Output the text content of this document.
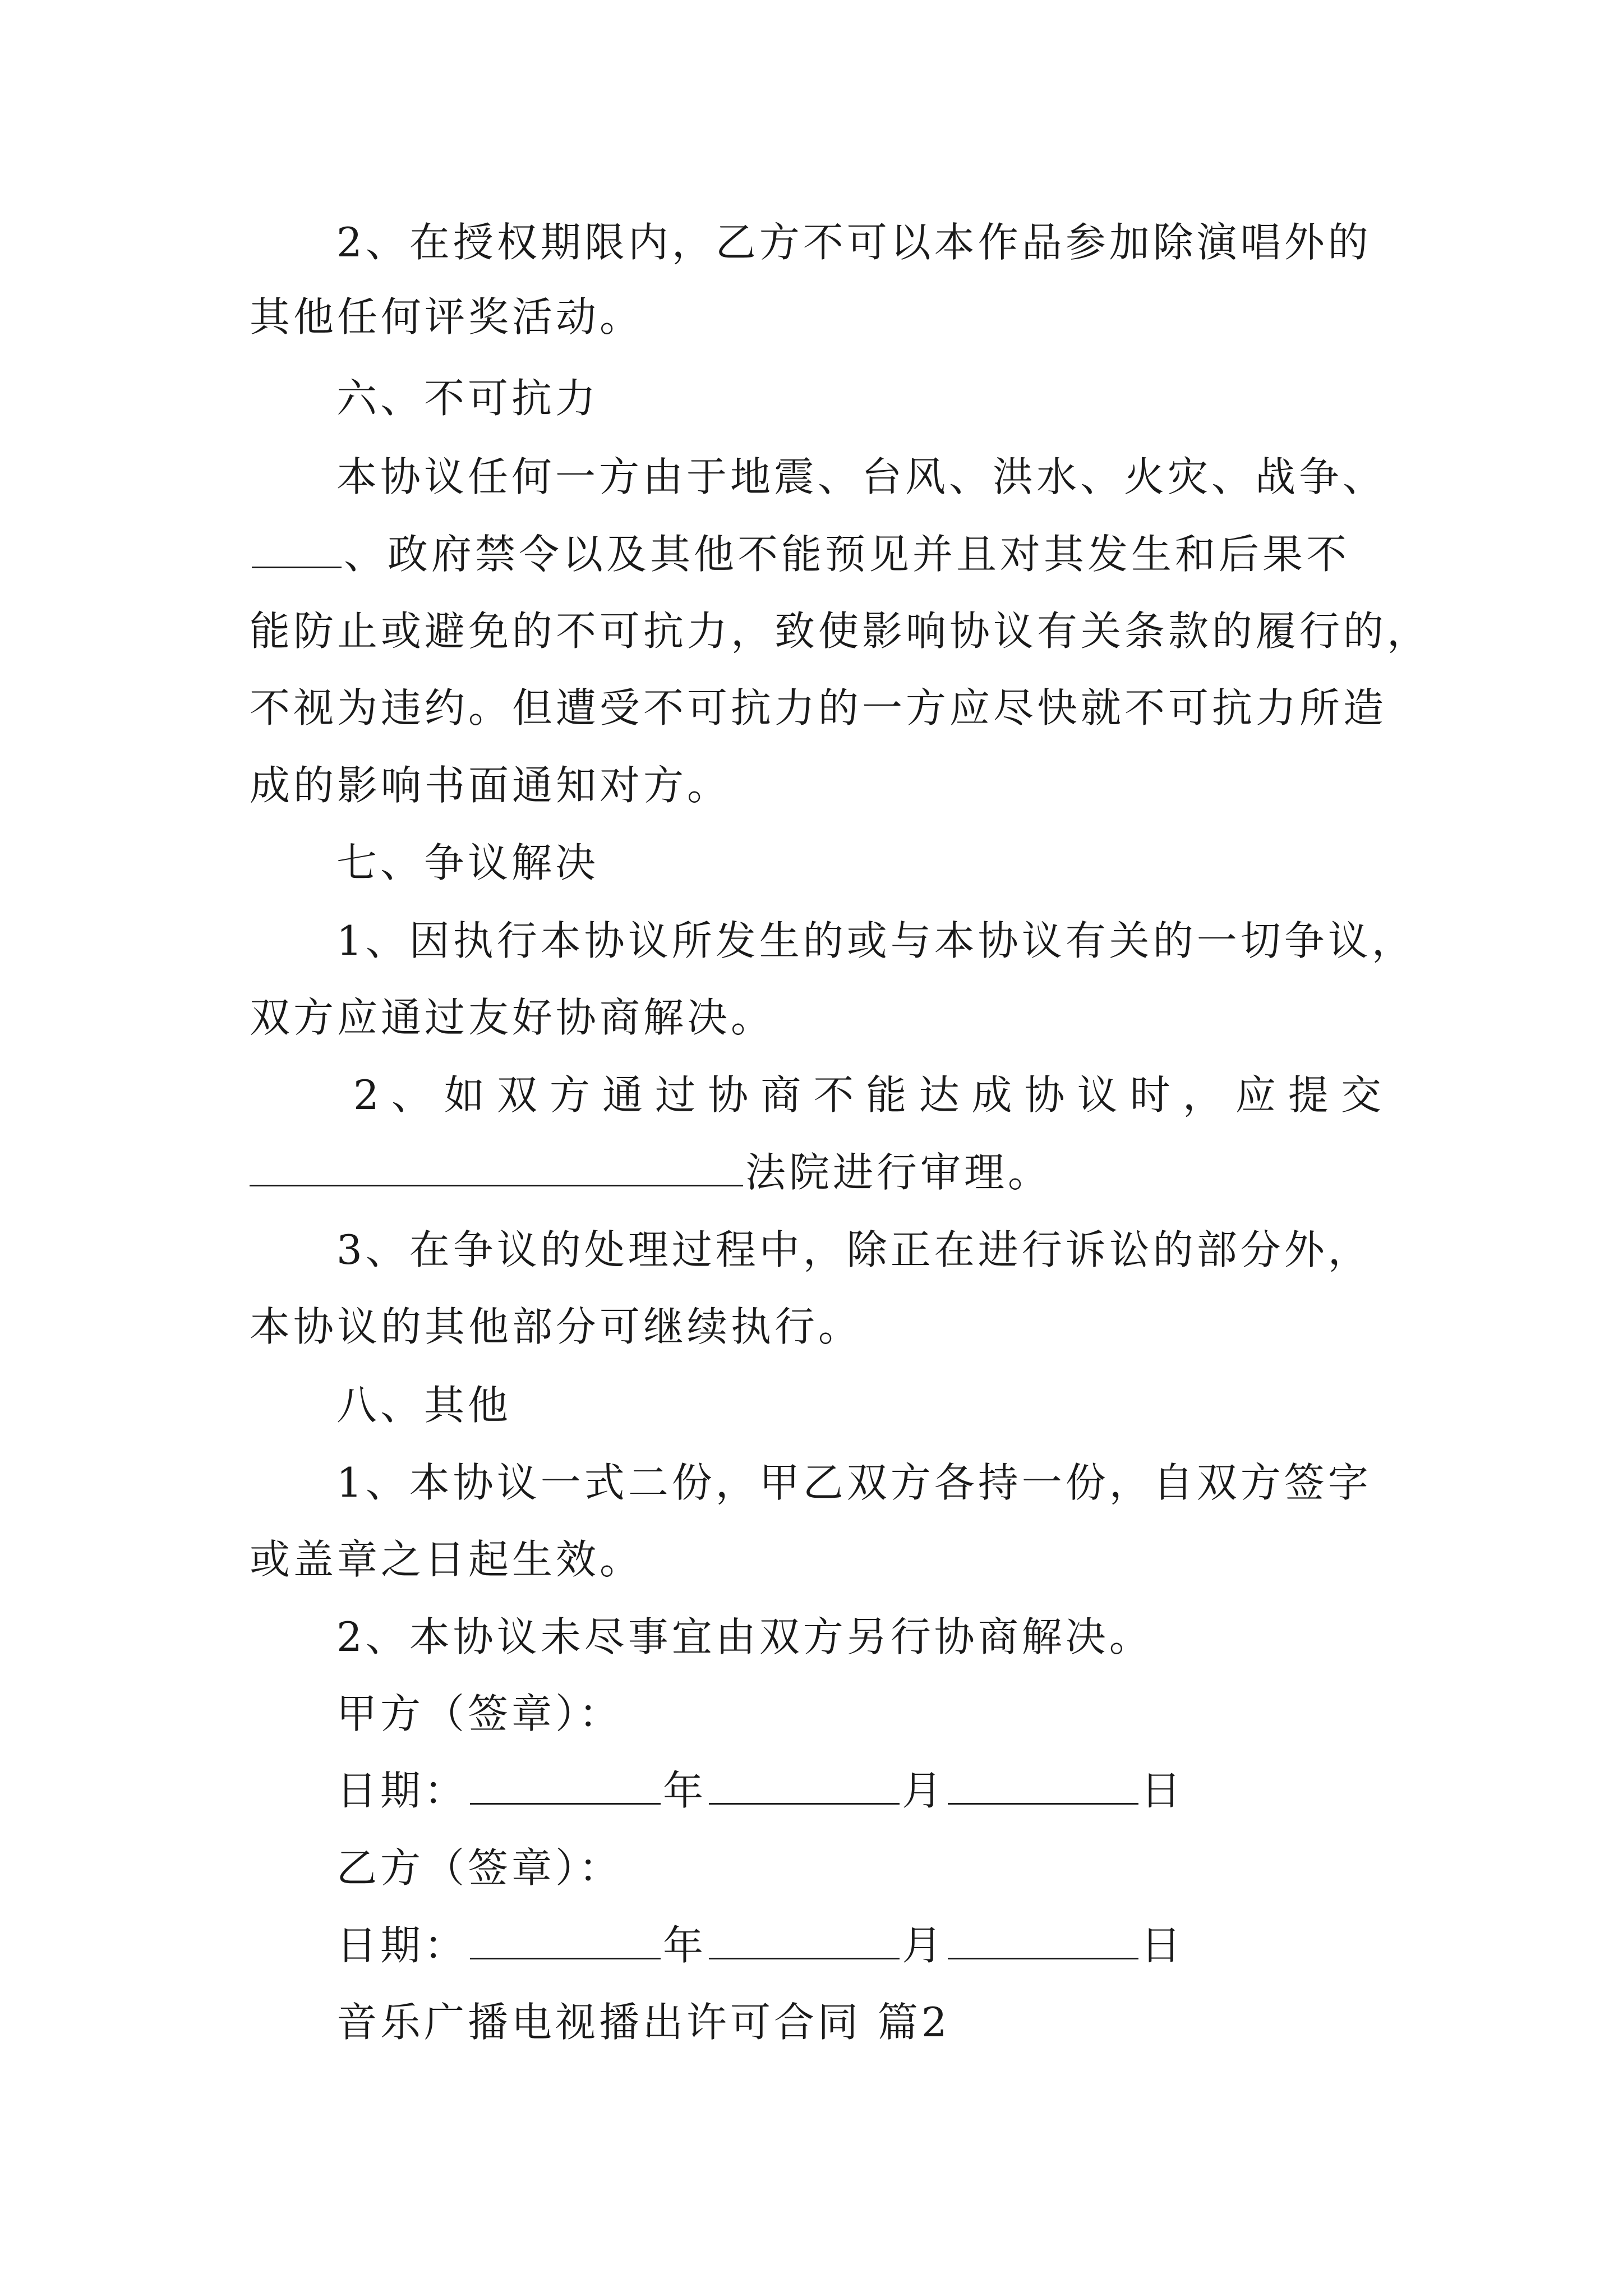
2、在授权期限内，乙方不可以本作品参加除演唱外的
其他任何评奖活动。
六、不可抗力
本协议任何一方由于地震、台风、洪水、火灾、战争、
、政府禁令以及其他不能预见并且对其发生和后果不
能防止或避免的不可抗力，致使影响协议有关条款的履行的，
不视为违约。但遭受不可抗力的一方应尽快就不可抗力所造
成的影响书面通知对方。
七、争议解决
1、因执行本协议所发生的或与本协议有关的一切争议，
双方应通过友好协商解决。
2、如双方通过协商不能达成协议时，应提交
法院进行审理。
3、在争议的处理过程中，除正在进行诉讼的部分外，
本协议的其他部分可继续执行。
八、其他
1、本协议一式二份，甲乙双方各持一份，自双方签字
或盖章之日起生效。
2、本协议未尽事宜由双方另行协商解决。
甲方（签章）：
日期：	年	月	日
乙方（签章）：
日期：	年	月	日
音乐广播电视播出许可合同 篇2
